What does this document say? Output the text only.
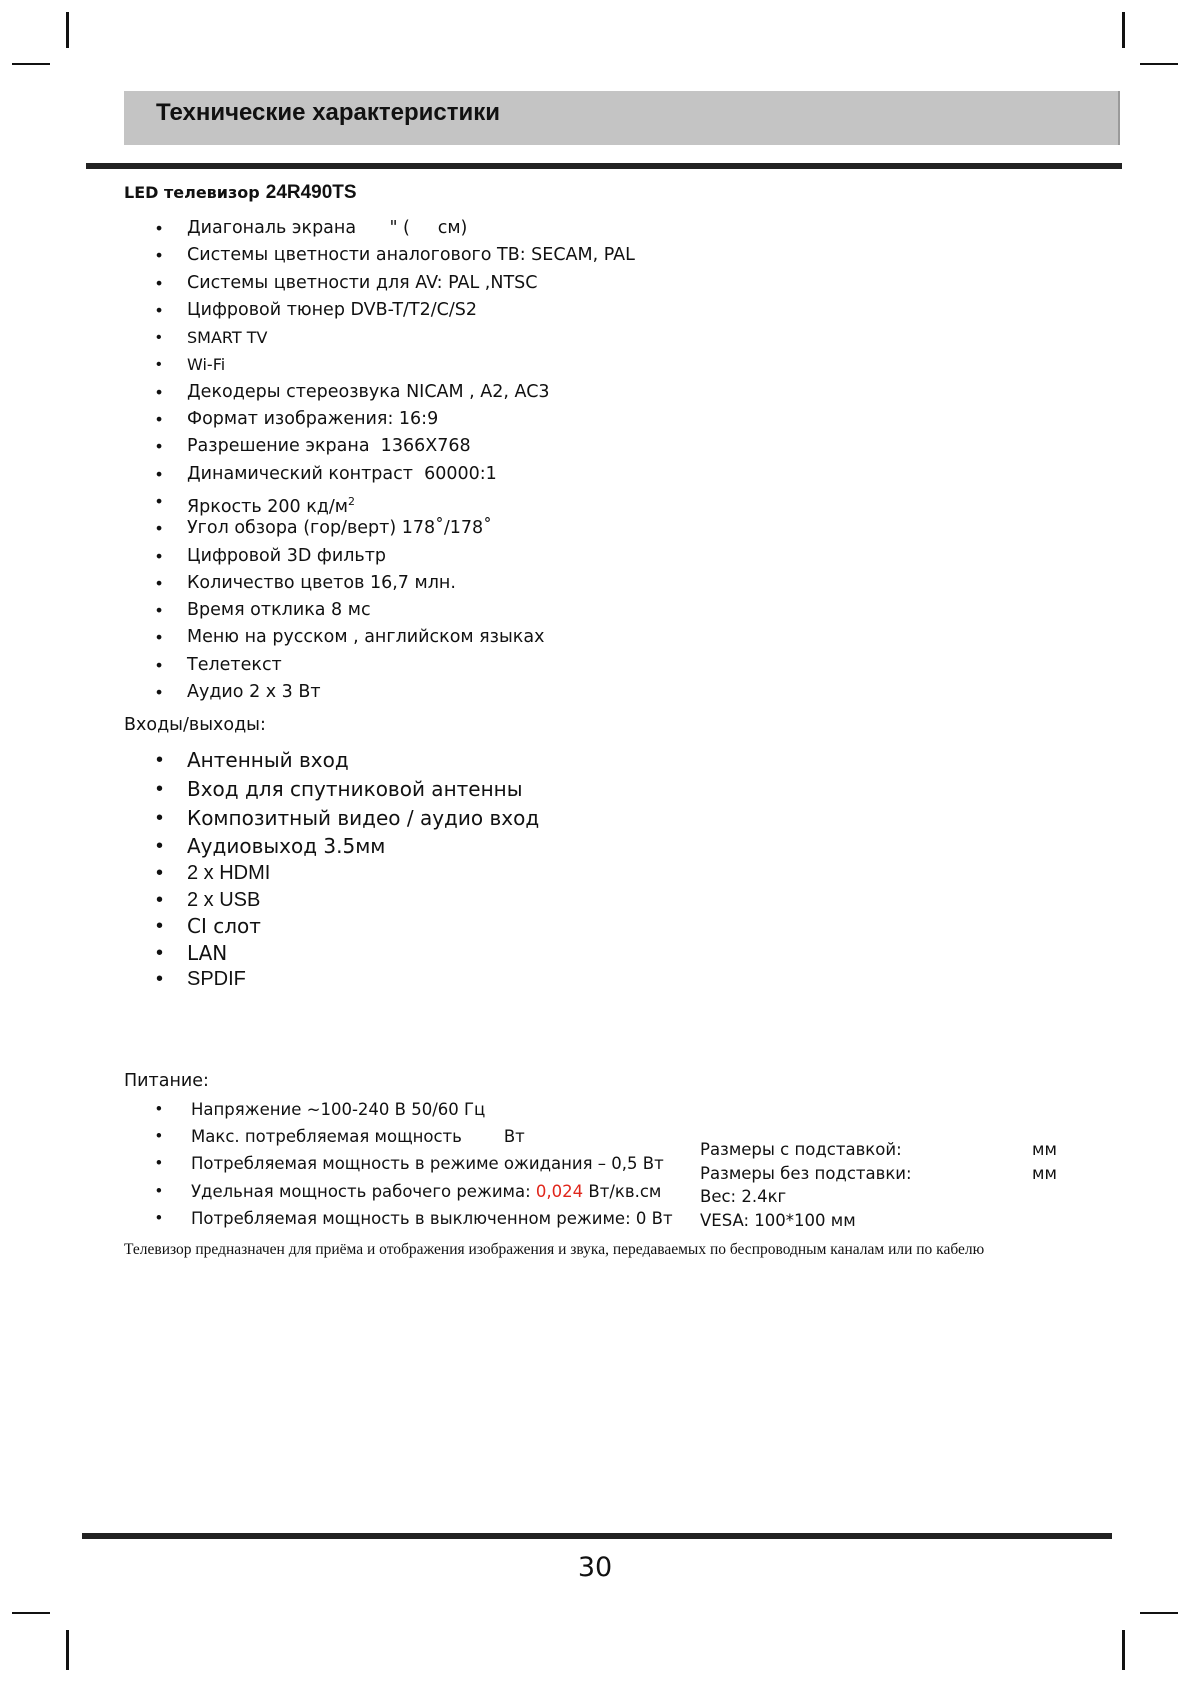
Технические характеристики
LED телевизор 24R490TS
• Диагональ экрана      " (     см)
• Системы цветности аналогового ТВ: SECAM, PAL
• Системы цветности для AV: PAL ,NTSC
• Цифровой тюнер DVB-T/T2/C/S2
• SMART TV
• Wi-Fi
• Декодеры стереозвука NICAM , A2, AC3
• Формат изображения: 16:9
• Разрешение экрана  1366X768
• Динамический контраст  60000:1
• Яркость 200 $кд/м^2$
• Угол обзора (гор/верт) 178˚/178˚
• Цифровой 3D фильтр
• Количество цветов 16,7 млн.
• Время отклика 8 мс
• Меню на русском , английском языках
• Телетекст
• Аудио 2 х 3 Вт
Входы/выходы:
• Антенный вход
• Вход для спутниковой антенны
• Композитный видео / аудио вход
• Аудиовыход 3.5мм
• 2 x HDMI
• 2 x USB
• CI слот
• LAN
• SPDIF
Питание:
• Напряжение ~100-240 В 50/60 Гц
• Макс. потребляемая мощность        Вт
• Потребляемая мощность в режиме ожидания – 0,5 Вт
• Удельная мощность рабочего режима: 0,024 Вт/кв.см
• Потребляемая мощность в выключенном режиме: 0 Вт
Размеры с подставкой:	мм
Размеры без подставки:	мм
Вес: 2.4кг
VESA: 100*100 мм
Телевизор предназначен для приёма и отображения изображения и звука, передаваемых по беспроводным каналам или по кабелю
30
